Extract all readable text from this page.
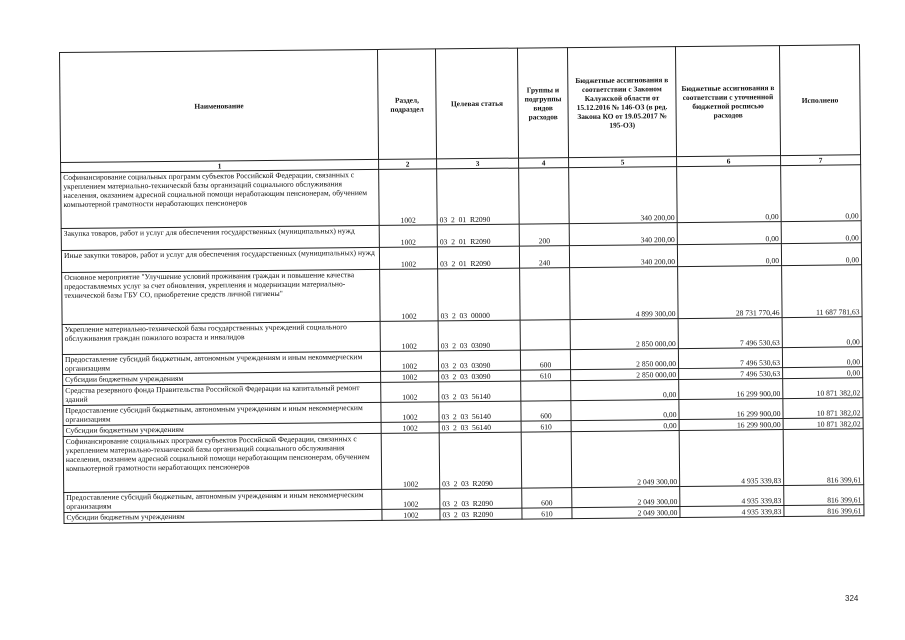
Наименование	Раздел, подраздел	Целевая статья	Группы и подгруппы видов расходов	Бюджетные ассигнования в соответствии с Законом Калужской области от 15.12.2016 № 146-ОЗ (в ред. Закона КО от 19.05.2017 № 195-ОЗ)	Бюджетные ассигнования в соответствии с уточненной бюджетной росписью расходов	Исполнено
1	2	3	4	5	6	7
Софинансирование социальных программ субъектов Российской Федерации, связанных с укреплением материально-технической базы организаций социального обслуживания населения, оказанием адресной социальной помощи неработающим пенсионерам, обучением компьютерной грамотности неработающих пенсионеров	1002	03  2  01  R2090		340 200,00	0,00	0,00
Закупка товаров, работ и услуг для обеспечения государственных (муниципальных) нужд	1002	03  2  01  R2090	200	340 200,00	0,00	0,00
Иные закупки товаров, работ и услуг для обеспечения государственных (муниципальных) нужд	1002	03  2  01  R2090	240	340 200,00	0,00	0,00
Основное мероприятие "Улучшение условий проживания граждан и повышение качества предоставляемых услуг за счет обновления, укрепления и модернизации материально-технической базы ГБУ СО, приобретение средств личной гигиены"	1002	03  2  03  00000		4 899 300,00	28 731 770,46	11 687 781,63
Укрепление материально-технической базы государственных учреждений социального обслуживания граждан пожилого возраста и инвалидов	1002	03  2  03  03090		2 850 000,00	7 496 530,63	0,00
Предоставление субсидий бюджетным, автономным учреждениям и иным некоммерческим организациям	1002	03  2  03  03090	600	2 850 000,00	7 496 530,63	0,00
Субсидии бюджетным учреждениям	1002	03  2  03  03090	610	2 850 000,00	7 496 530,63	0,00
Средства резервного фонда Правительства Российской Федерации на капитальный ремонт зданий	1002	03  2  03  56140		0,00	16 299 900,00	10 871 382,02
Предоставление субсидий бюджетным, автономным учреждениям и иным некоммерческим организациям	1002	03  2  03  56140	600	0,00	16 299 900,00	10 871 382,02
Субсидии бюджетным учреждениям	1002	03  2  03  56140	610	0,00	16 299 900,00	10 871 382,02
Софинансирование социальных программ субъектов Российской Федерации, связанных с укреплением материально-технической базы организаций социального обслуживания населения, оказанием адресной социальной помощи неработающим пенсионерам, обучением компьютерной грамотности неработающих пенсионеров	1002	03  2  03  R2090		2 049 300,00	4 935 339,83	816 399,61
Предоставление субсидий бюджетным, автономным учреждениям и иным некоммерческим организациям	1002	03  2  03  R2090	600	2 049 300,00	4 935 339,83	816 399,61
Субсидии бюджетным учреждениям	1002	03  2  03  R2090	610	2 049 300,00	4 935 339,83	816 399,61
324
